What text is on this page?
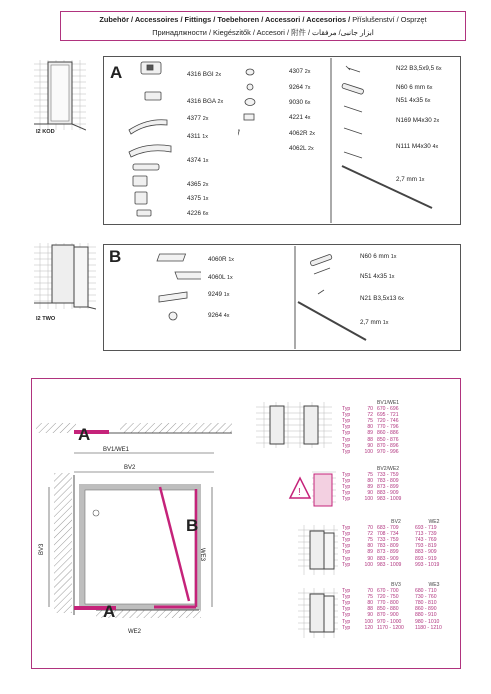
Zubehör / Accessoires / Fittings / Toebehoren / Accessori / Accesorios / Příslušenství / Osprzęt
Принадлжности / Kiegészitők / Accesori / 附件 / ابزار جانبی/ مرفقات
I2 KOD
A	4316 BGI 2x
4316 BGA 2x
4377 2x
4311 1x
4374 1x
4365 2x
4375 1x
4226 6x
4307 2x
9264 7x
9030 6x
4221 4x
4062R 2x
4062L 2x
N22 B3,5x9,5 6x
N60 6 mm 6x
N51 4x35 6x
N169 M4x30 2x
N111 M4x30 4x
2,7 mm 1x
I2 TWO
B	4060R 1x
4060L 1x
9249 1x
9264 4x
N60 6 mm 1x
N51 4x35 1x
N21 B3,5x13 6x
2,7 mm 1x
A
A
B
BV1/WE1
BV2
BV3	WE3
WE2
BV1/WE1
Typ	70 670 - 696
Typ	72 695 - 721
Typ	75 720 - 746
Typ	80 770 - 796
Typ	89 860 - 886
Typ	88 850 - 876
Typ	90 870 - 896
Typ	100 970 - 996
!
BV2/WE2
Typ	75 733 - 759
Typ	80 783 - 809
Typ	89 873 - 899
Typ	90 883 - 909
Typ	100 983 - 1009
BV2	WE2
Typ	70 683 - 709	693 - 719
Typ	72 708 - 734	713 - 739
Typ	75 733 - 759	743 - 769
Typ	80 783 - 809	793 - 819
Typ	89 873 - 899	883 - 909
Typ	90 883 - 909	893 - 919
Typ	100 983 - 1009	993 - 1019
BV3	WE3
Typ	70 670 - 700	680 - 710
Typ	75 720 - 750	730 - 760
Typ	80 770 - 800	780 - 810
Typ	88 850 - 880	860 - 890
Typ	90 870 - 900	880 - 910
Typ	100 970 - 1000	980 - 1010
Typ	120 1170 - 1200	1180 - 1210
